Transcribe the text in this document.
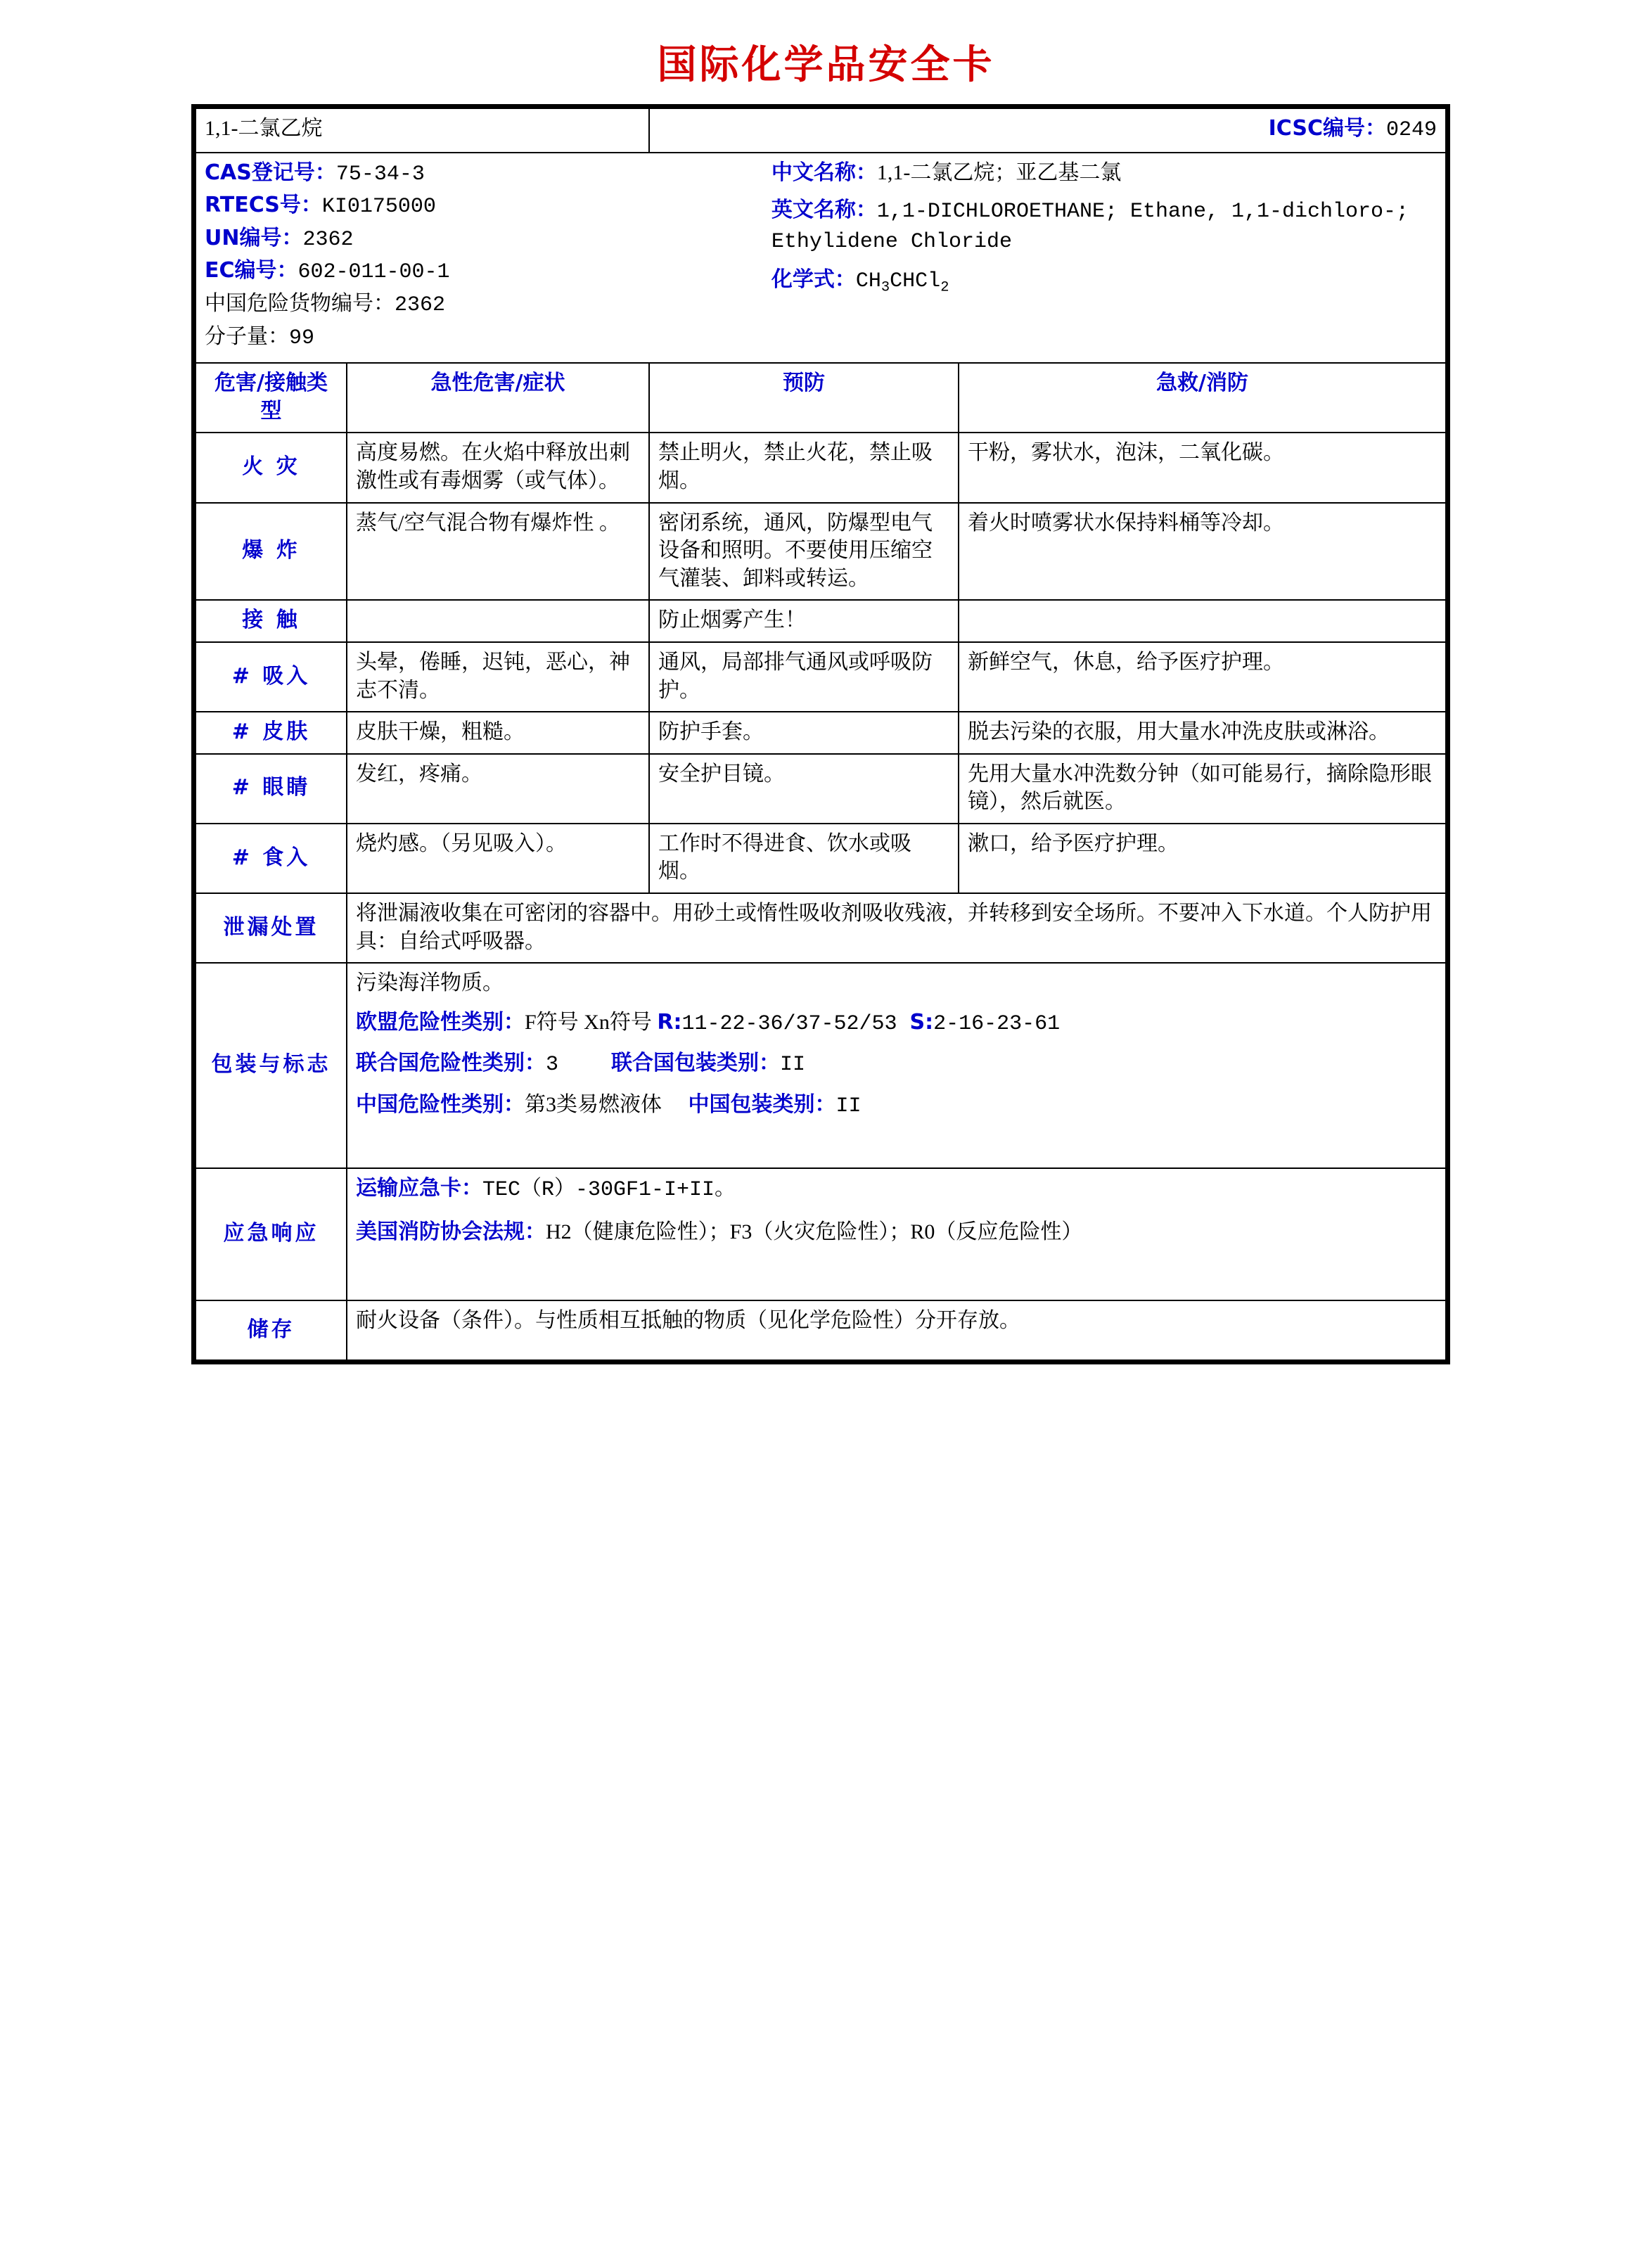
国际化学品安全卡
1,1-二氯乙烷		ICSC编号：0249	

CAS登记号：75-34-3
RTECS号：KI0175000
UN编号：2362
EC编号：602-011-00-1
中国危险货物编号：2362
分子量：99
中文名称：1,1-二氯乙烷；亚乙基二氯
英文名称：1,1-DICHLOROETHANE; Ethane, 1,1-dichloro-; Ethylidene Chloride
化学式：$CH_3CHCl_2$

危害/接触类型	急性危害/症状	预防	急救/消防
火 灾	高度易燃。在火焰中释放出刺激性或有毒烟雾（或气体）。	禁止明火，禁止火花，禁止吸烟。	干粉，雾状水，泡沫，二氧化碳。
爆 炸	蒸气/空气混合物有爆炸性 。	密闭系统，通风，防爆型电气设备和照明。不要使用压缩空气灌装、卸料或转运。	着火时喷雾状水保持料桶等冷却。
接 触		防止烟雾产生！	
# 吸入	头晕，倦睡，迟钝，恶心，神志不清。	通风，局部排气通风或呼吸防护。	新鲜空气，休息，给予医疗护理。
# 皮肤	皮肤干燥，粗糙。	防护手套。	脱去污染的衣服，用大量水冲洗皮肤或淋浴。
# 眼睛	发红，疼痛。	安全护目镜。	先用大量水冲洗数分钟（如可能易行，摘除隐形眼镜），然后就医。
# 食入	烧灼感。（另见吸入）。	工作时不得进食、饮水或吸烟。	漱口，给予医疗护理。
泄漏处置	将泄漏液收集在可密闭的容器中。用砂土或惰性吸收剂吸收残液，并转移到安全场所。不要冲入下水道。个人防护用具：自给式呼吸器。		
包装与标志	污染海洋物质。
欧盟危险性类别：F符号 Xn符号 R:11-22-36/37-52/53 S:2-16-23-61
联合国危险性类别：3 联合国包装类别：II
中国危险性类别：第3类易燃液体 中国包装类别：II		

应急响应	运输应急卡：TEC（R）-30GF1-I+II。
美国消防协会法规：H2（健康危险性）；F3（火灾危险性）；R0（反应危险性）		

储存	耐火设备（条件）。与性质相互抵触的物质（见化学危险性）分开存放。		
